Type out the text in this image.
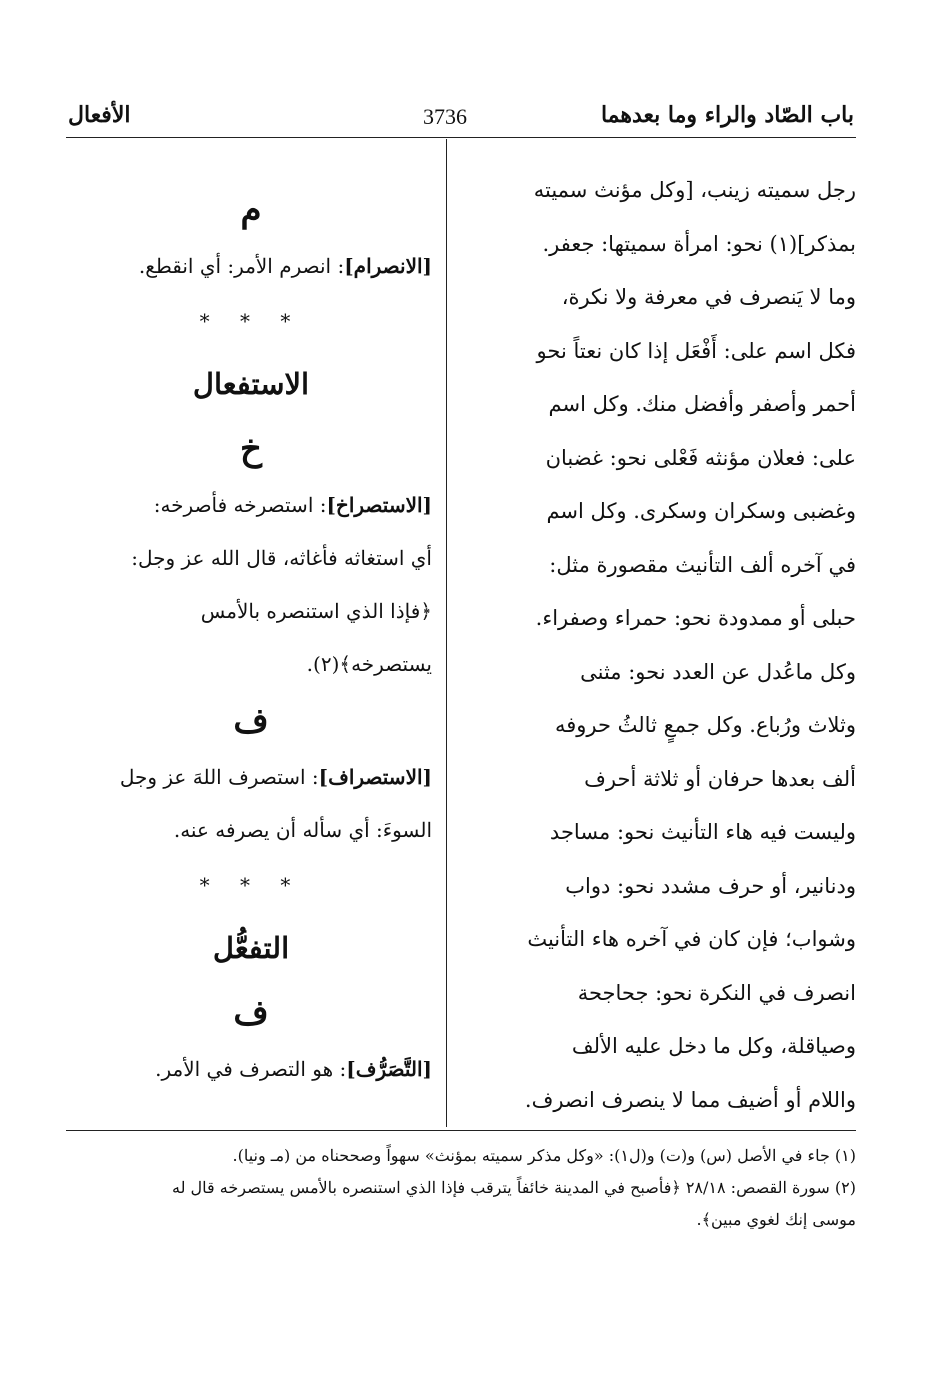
باب الصّاد والراء وما بعدهما
3736
الأفعال
رجل سميته زينب، [وكل مؤنث سميته
بمذكر](١) نحو: امرأة سميتها: جعفر.
وما لا يَنصرف في معرفة ولا نكرة،
فكل اسم على: أَفْعَل إذا كان نعتاً نحو
أحمر وأصفر وأفضل منك. وكل اسم
على: فعلان مؤنثه فَعْلى نحو: غضبان
وغضبى وسكران وسكرى. وكل اسم
في آخره ألف التأنيث مقصورة مثل:
حبلى أو ممدودة نحو: حمراء وصفراء.
وكل ماعُدل عن العدد نحو: مثنى
وثلاث ورُباع. وكل جمعٍ ثالثُ حروفه
ألف بعدها حرفان أو ثلاثة أحرف
وليست فيه هاء التأنيث نحو: مساجد
ودنانير، أو حرف مشدد نحو: دواب
وشواب؛ فإن كان في آخره هاء التأنيث
انصرف في النكرة نحو: جحاجحة
وصياقلة، وكل ما دخل عليه الألف
واللام أو أضيف مما لا ينصرف انصرف.
م
[الانصرام]: انصرم الأمر: أي انقطع.
* * *
الاستفعال
خ
[الاستصراخ]: استصرخه فأصرخه:
أي استغاثه فأغاثه، قال الله عز وجل:
﴿فإذا الذي استنصره بالأمس
يستصرخه﴾(٢).
ف
[الاستصراف]: استصرف اللهَ عز وجل
السوءَ: أي سأله أن يصرفه عنه.
* * *
التفعُّل
ف
[التَّصَرُّف]: هو التصرف في الأمر.
(١) جاء في الأصل (س) و(ت) و(ل١): «وكل مذكر سميته بمؤنث» سهواً وصححناه من (مـ ونيا).
(٢) سورة القصص: ٢٨/١٨ ﴿فأصبح في المدينة خائفاً يترقب فإذا الذي استنصره بالأمس يستصرخه قال له
موسى إنك لغوي مبين﴾.
